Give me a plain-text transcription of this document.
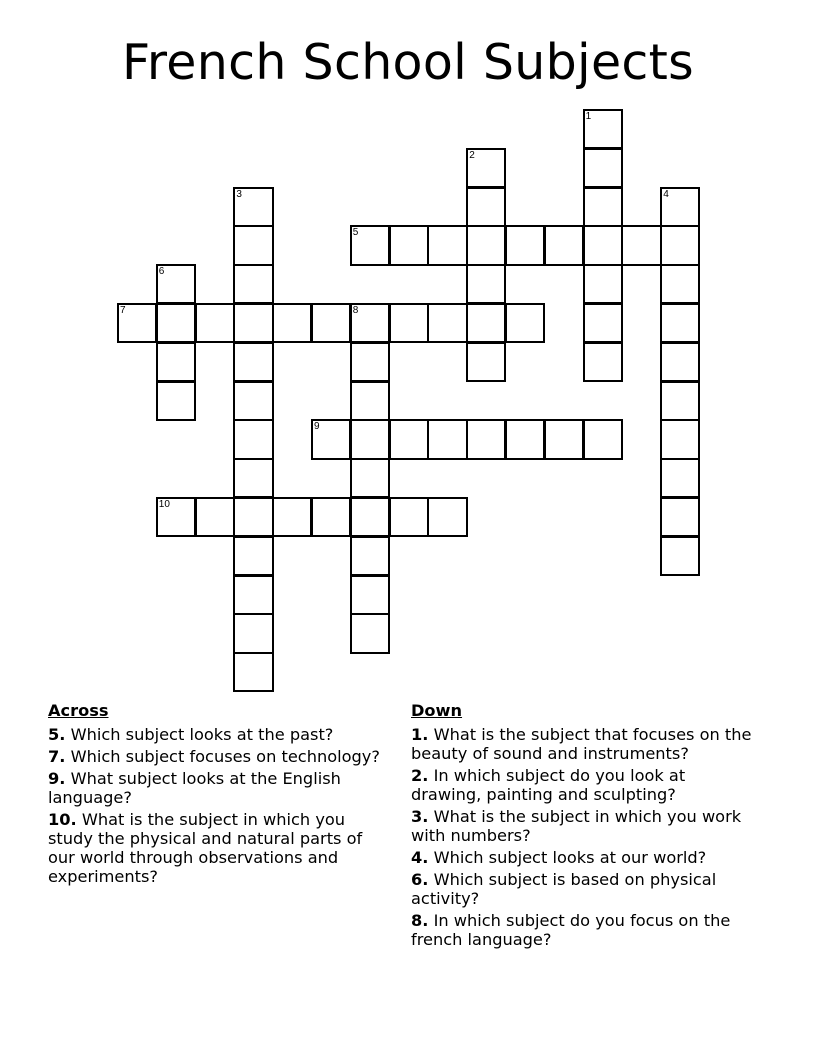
French School Subjects
1
2
3	4
5
6
7	8
9
10
Across
5. Which subject looks at the past?
7. Which subject focuses on technology?
9. What subject looks at the English language?
10. What is the subject in which you study the physical and natural parts of our world through observations and experiments?
Down
1. What is the subject that focuses on the beauty of sound and instruments?
2. In which subject do you look at drawing, painting and sculpting?
3. What is the subject in which you work with numbers?
4. Which subject looks at our world?
6. Which subject is based on physical activity?
8. In which subject do you focus on the french language?
